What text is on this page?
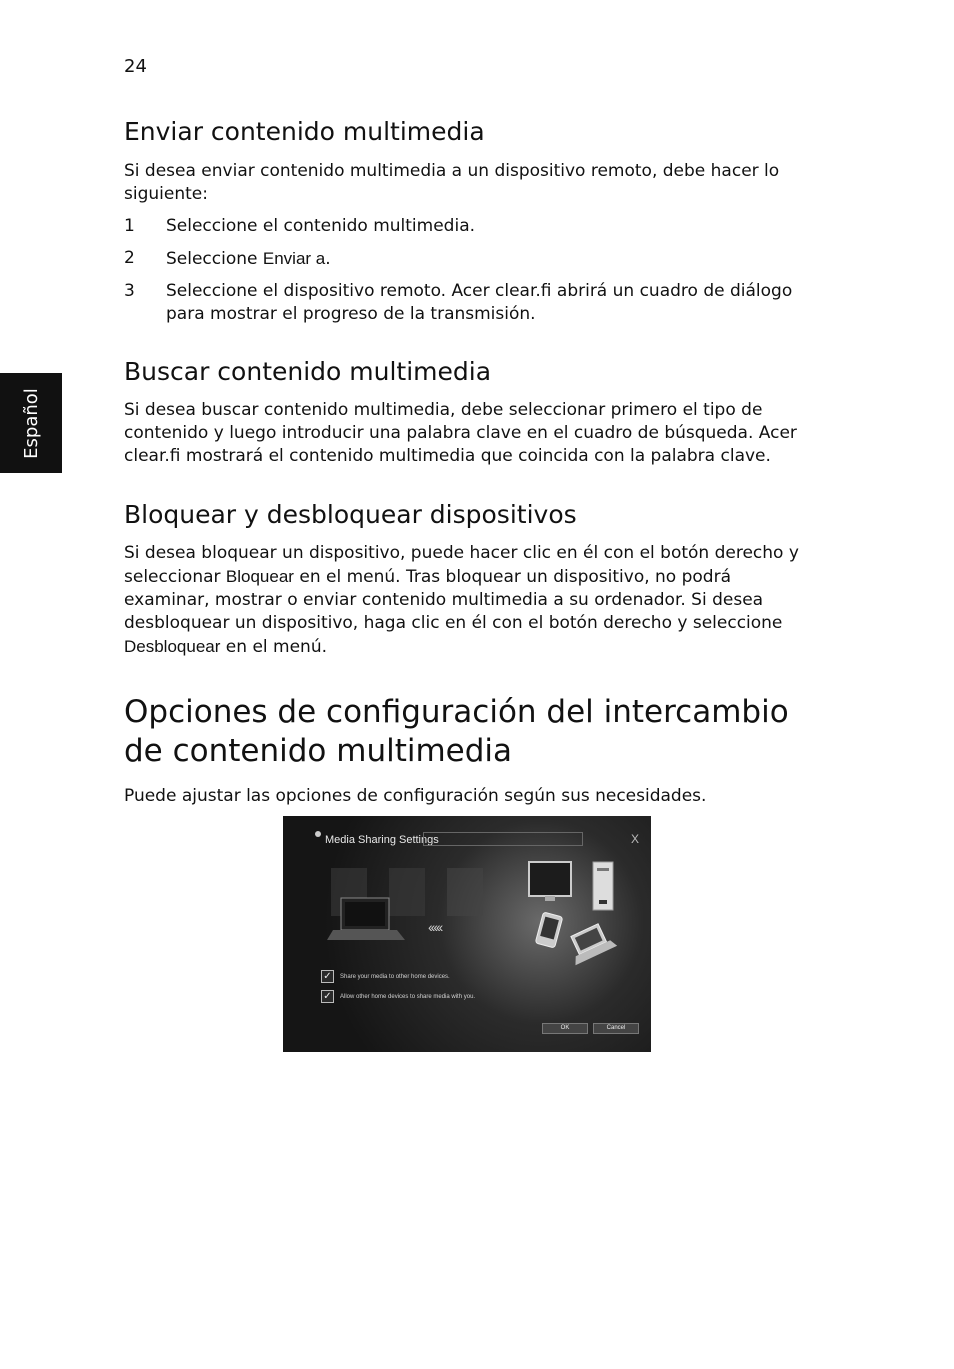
24
Español
Enviar contenido multimedia

Si desea enviar contenido multimedia a un dispositivo remoto, debe hacer lo siguiente:

1 Seleccione el contenido multimedia.
2 Seleccione Enviar a.
3 Seleccione el dispositivo remoto. Acer clear.fi abrirá un cuadro de diálogo para mostrar el progreso de la transmisión.
Buscar contenido multimedia

Si desea buscar contenido multimedia, debe seleccionar primero el tipo de contenido y luego introducir una palabra clave en el cuadro de búsqueda. Acer clear.fi mostrará el contenido multimedia que coincida con la palabra clave.

Bloquear y desbloquear dispositivos

Si desea bloquear un dispositivo, puede hacer clic en él con el botón derecho y seleccionar Bloquear en el menú. Tras bloquear un dispositivo, no podrá examinar, mostrar o enviar contenido multimedia a su ordenador. Si desea desbloquear un dispositivo, haga clic en él con el botón derecho y seleccione Desbloquear en el menú.

Opciones de configuración del intercambio de contenido multimedia

Puede ajustar las opciones de configuración según sus necesidades.

Media Sharing Settings	X
‹‹‹‹‹
✓	Share your media to other home devices.
✓	Allow other home devices to share media with you.
OK	Cancel
